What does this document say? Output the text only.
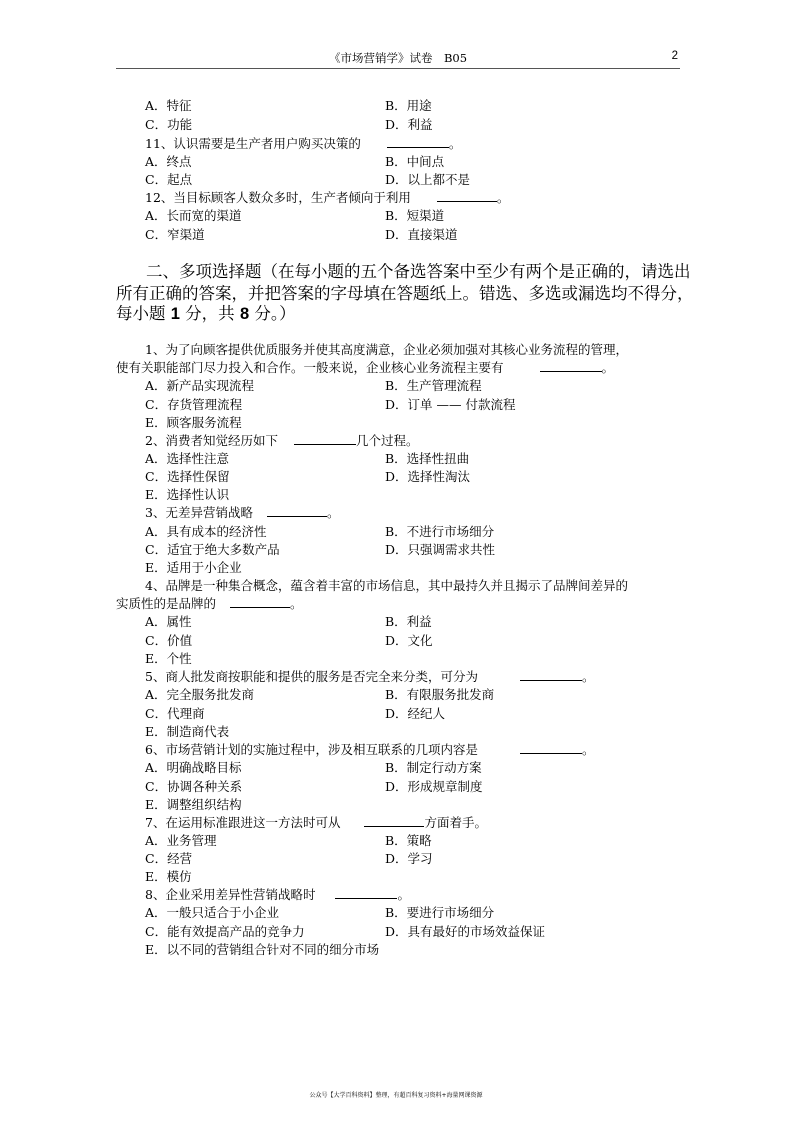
《市场营销学》试卷　B05	2
A．特征	B．用途
C．功能	D．利益
11、认识需要是生产者用户购买决策的	。
A．终点	B．中间点
C．起点	D．以上都不是
12、当目标顾客人数众多时，生产者倾向于利用	。
A．长而宽的渠道	B．短渠道
C．窄渠道	D．直接渠道
二、多项选择题（在每小题的五个备选答案中至少有两个是正确的，请选出
所有正确的答案，并把答案的字母填在答题纸上。错选、多选或漏选均不得分，
每小题 1 分，共 8 分。）
1、为了向顾客提供优质服务并使其高度满意，企业必须加强对其核心业务流程的管理，
使有关职能部门尽力投入和合作。一般来说，企业核心业务流程主要有	。
A．新产品实现流程	B．生产管理流程
C．存货管理流程	D．订单 —— 付款流程
E．顾客服务流程
2、消费者知觉经历如下	几个过程。
A．选择性注意	B．选择性扭曲
C．选择性保留	D．选择性淘汰
E．选择性认识
3、无差异营销战略	。
A．具有成本的经济性	B．不进行市场细分
C．适宜于绝大多数产品	D．只强调需求共性
E．适用于小企业
4、品牌是一种集合概念，蕴含着丰富的市场信息，其中最持久并且揭示了品牌间差异的
实质性的是品牌的	。
A．属性	B．利益
C．价值	D．文化
E．个性
5、商人批发商按职能和提供的服务是否完全来分类，可分为	。
A．完全服务批发商	B．有限服务批发商
C．代理商	D．经纪人
E．制造商代表
6、市场营销计划的实施过程中，涉及相互联系的几项内容是	。
A．明确战略目标	B．制定行动方案
C．协调各种关系	D．形成规章制度
E．调整组织结构
7、在运用标准跟进这一方法时可从	方面着手。
A．业务管理	B．策略
C．经营	D．学习
E．模仿
8、企业采用差异性营销战略时	。
A．一般只适合于小企业	B．要进行市场细分
C．能有效提高产品的竞争力	D．具有最好的市场效益保证
E．以不同的营销组合针对不同的细分市场
公众号【大学百科资料】整理，有超百科复习资料+海量网课资源
